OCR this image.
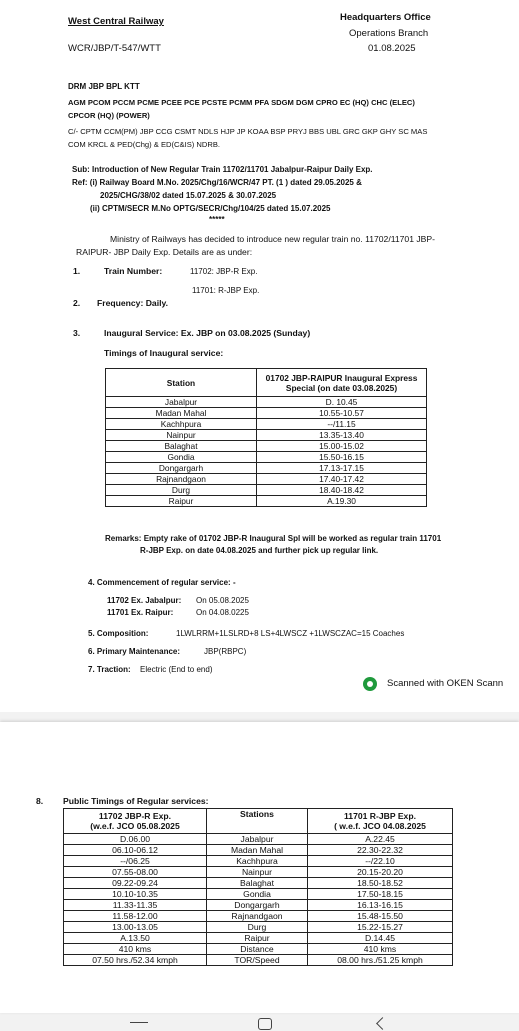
West Central Railway	Headquarters Office
Operations Branch
WCR/JBP/T-547/WTT	01.08.2025
DRM JBP BPL KTT
AGM PCOM PCCM PCME PCEE PCE PCSTE PCMM PFA SDGM DGM CPRO EC (HQ) CHC (ELEC)
CPCOR (HQ) (POWER)
C/- CPTM CCM(PM) JBP CCG CSMT NDLS HJP JP KOAA BSP PRYJ BBS UBL GRC GKP GHY SC MAS
COM KRCL & PED(Chg) & ED(C&IS) NDRB.
Sub: Introduction of New Regular Train 11702/11701 Jabalpur-Raipur Daily Exp.
Ref: (i) Railway Board M.No. 2025/Chg/16/WCR/47 PT. (1 ) dated 29.05.2025 &
2025/CHG/38/02 dated 15.07.2025 & 30.07.2025
(ii) CPTM/SECR M.No OPTG/SECR/Chg/104/25 dated 15.07.2025
*****
Ministry of Railways has decided to introduce new regular train no. 11702/11701 JBP-
RAIPUR- JBP Daily Exp. Details are as under:
1.	Train Number:	11702: JBP-R Exp.
11701: R-JBP Exp.
2. Frequency: Daily.
3.	Inaugural Service: Ex. JBP on 03.08.2025 (Sunday)
Timings of Inaugural service:
Station	01702 JBP-RAIPUR Inaugural Express
Special (on date 03.08.2025)

Jabalpur	D. 10.45
Madan Mahal	10.55-10.57
Kachhpura	--/11.15
Nainpur	13.35-13.40
Balaghat	15.00-15.02
Gondia	15.50-16.15
Dongargarh	17.13-17.15
Rajnandgaon	17.40-17.42
Durg	18.40-18.42
Raipur	A.19.30
Remarks: Empty rake of 01702 JBP-R Inaugural Spl will be worked as regular train 11701
R-JBP Exp. on date 04.08.2025 and further pick up regular link.
4. Commencement of regular service: -
11702 Ex. Jabalpur: On 05.08.2025
11701 Ex. Raipur:	On 04.08.0225
5. Composition:	1LWLRRM+1LSLRD+8 LS+4LWSCZ +1LWSCZAC=15 Coaches
6. Primary Maintenance:	JBP(RBPC)
7. Traction: Electric (End to end)
Scanned with OKEN Scann
8. Public Timings of Regular services:
11702 JBP-R Exp.
(w.e.f. JCO 05.08.2025	Stations	11701 R-JBP Exp.
( w.e.f. JCO 04.08.2025

D.06.00	Jabalpur	A.22.45
06.10-06.12	Madan Mahal	22.30-22.32
--/06.25	Kachhpura	--/22.10
07.55-08.00	Nainpur	20.15-20.20
09.22-09.24	Balaghat	18.50-18.52
10.10-10.35	Gondia	17.50-18.15
11.33-11.35	Dongargarh	16.13-16.15
11.58-12.00	Rajnandgaon	15.48-15.50
13.00-13.05	Durg	15.22-15.27
A.13.50	Raipur	D.14.45
410 kms	Distance	410 kms
07.50 hrs./52.34 kmph	TOR/Speed	08.00 hrs./51.25 kmph
